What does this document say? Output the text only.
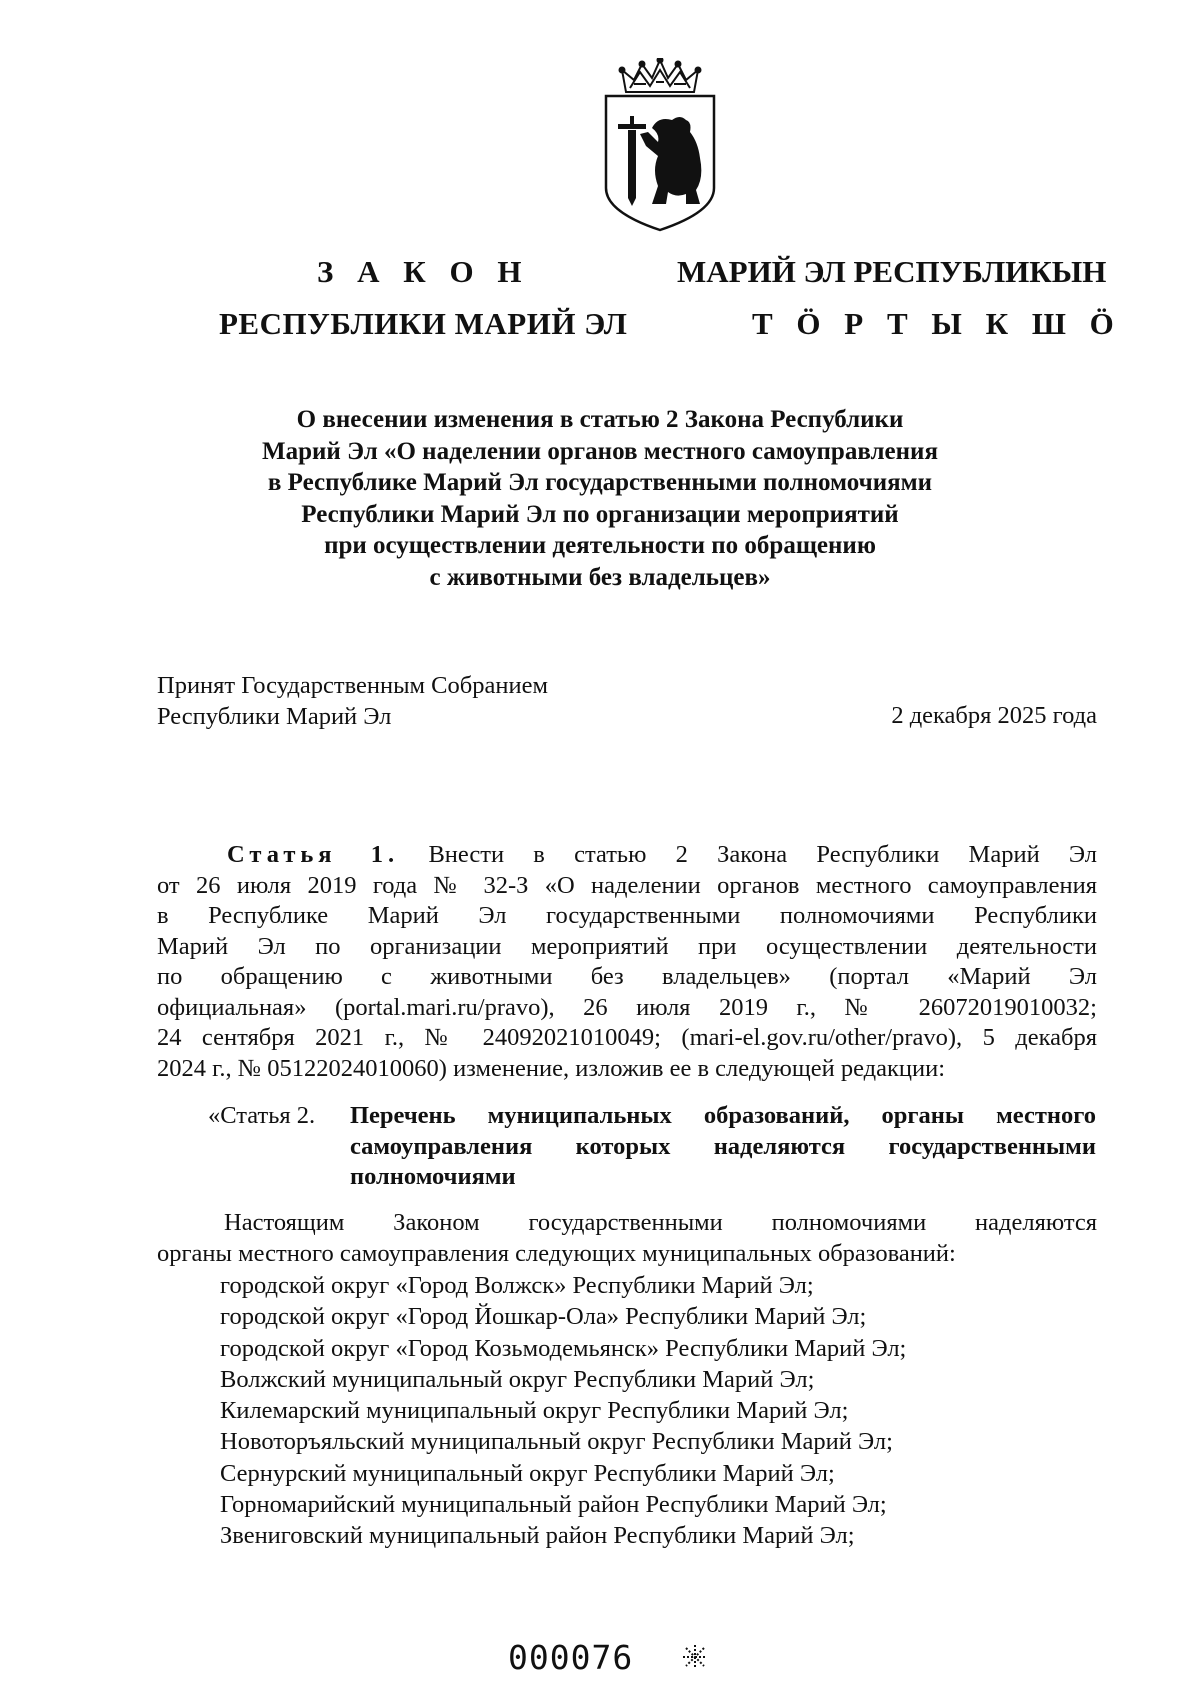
З А К О Н
РЕСПУБЛИКИ МАРИЙ ЭЛ
МАРИЙ ЭЛ РЕСПУБЛИКЫН
Т Ӧ Р Т Ы К Ш Ӧ
О внесении изменения в статью 2 Закона Республики
Марий Эл «О наделении органов местного самоуправления
в Республике Марий Эл государственными полномочиями
Республики Марий Эл по организации мероприятий
при осуществлении деятельности по обращению
с животными без владельцев»
Принят Государственным Собранием
Республики Марий Эл	2 декабря 2025 года
Статья 1. Внести в статью 2 Закона Республики Марий Эл
от 26 июля 2019 года № 32-З «О наделении органов местного самоуправления
в Республике Марий Эл государственными полномочиями Республики
Марий Эл по организации мероприятий при осуществлении деятельности
по обращению с животными без владельцев» (портал «Марий Эл
официальная» (portal.mari.ru/pravo), 26 июля 2019 г., № 26072019010032;
24 сентября 2021 г., № 24092021010049; (mari-el.gov.ru/other/pravo), 5 декабря
2024 г., № 05122024010060) изменение, изложив ее в следующей редакции:
«Статья 2. Перечень муниципальных образований, органы местного
самоуправления которых наделяются государственными
полномочиями
Настоящим Законом государственными полномочиями наделяются
органы местного самоуправления следующих муниципальных образований:
городской округ «Город Волжск» Республики Марий Эл;
городской округ «Город Йошкар-Ола» Республики Марий Эл;
городской округ «Город Козьмодемьянск» Республики Марий Эл;
Волжский муниципальный округ Республики Марий Эл;
Килемарский муниципальный округ Республики Марий Эл;
Новоторъяльский муниципальный округ Республики Марий Эл;
Сернурский муниципальный округ Республики Марий Эл;
Горномарийский муниципальный район Республики Марий Эл;
Звениговский муниципальный район Республики Марий Эл;
000076
